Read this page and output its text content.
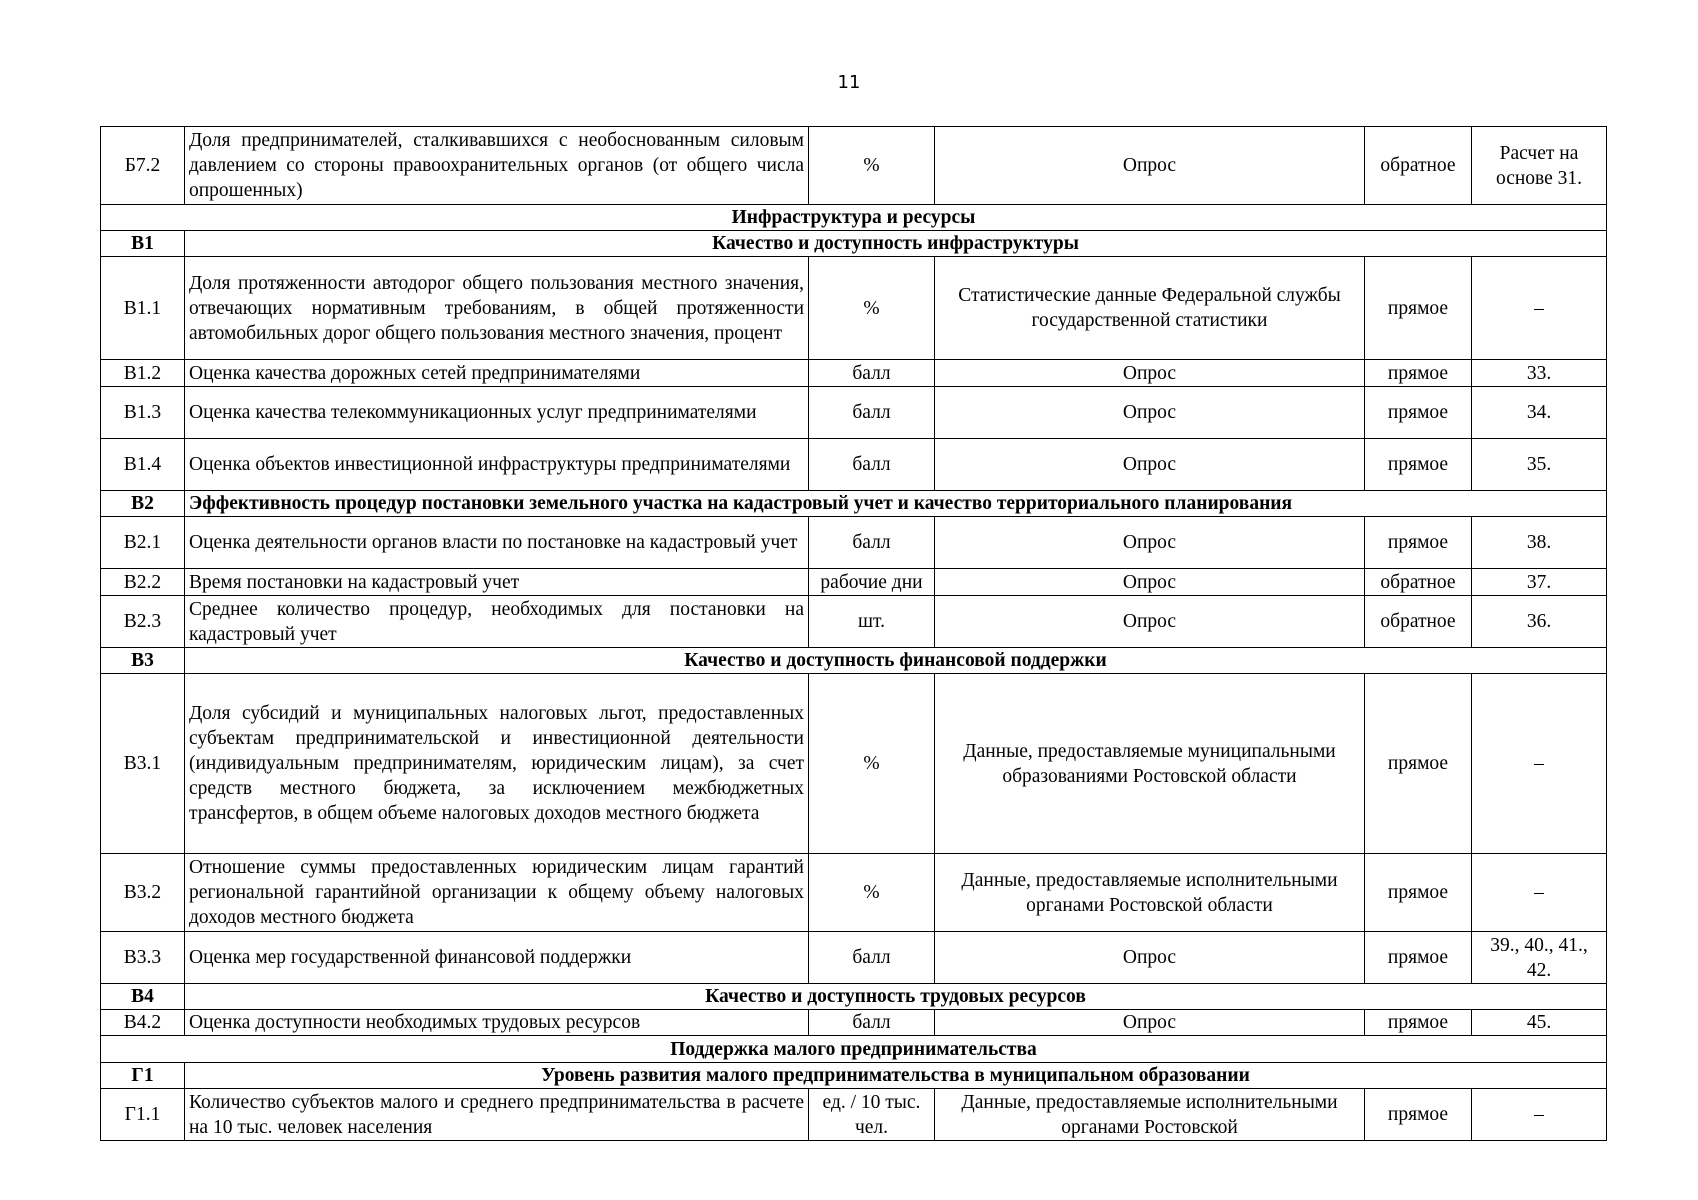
11
Б7.2	Доля предпринимателей, сталкивавшихся с необоснованным силовым давлением со стороны правоохранительных органов (от общего числа опрошенных)	%	Опрос	обратное	Расчет на основе 31.
Инфраструктура и ресурсы					
В1	Качество и доступность инфраструктуры				
В1.1	Доля протяженности автодорог общего пользования местного значения, отвечающих нормативным требованиям, в общей протяженности автомобильных дорог общего пользования местного значения, процент	%	Статистические данные Федеральной службы государственной статистики	прямое	–
В1.2	Оценка качества дорожных сетей предпринимателями	балл	Опрос	прямое	33.
В1.3	Оценка качества телекоммуникационных услуг предпринимателями	балл	Опрос	прямое	34.
В1.4	Оценка объектов инвестиционной инфраструктуры предпринимателями	балл	Опрос	прямое	35.
В2	Эффективность процедур постановки земельного участка на кадастровый учет и качество территориального планирования				
В2.1	Оценка деятельности органов власти по постановке на кадастровый учет	балл	Опрос	прямое	38.
В2.2	Время постановки на кадастровый учет	рабочие дни	Опрос	обратное	37.
В2.3	Среднее количество процедур, необходимых для постановки на кадастровый учет	шт.	Опрос	обратное	36.
В3	Качество и доступность финансовой поддержки				
В3.1	Доля субсидий и муниципальных налоговых льгот, предоставленных субъектам предпринимательской и инвестиционной деятельности (индивидуальным предпринимателям, юридическим лицам), за счет средств местного бюджета, за исключением межбюджетных трансфертов, в общем объеме налоговых доходов местного бюджета	%	Данные, предоставляемые муниципальными образованиями Ростовской области	прямое	–
В3.2	Отношение суммы предоставленных юридическим лицам гарантий региональной гарантийной организации к общему объему налоговых доходов местного бюджета	%	Данные, предоставляемые исполнительными органами Ростовской области	прямое	–
В3.3	Оценка мер государственной финансовой поддержки	балл	Опрос	прямое	39., 40., 41., 42.
В4	Качество и доступность трудовых ресурсов				
В4.2	Оценка доступности необходимых трудовых ресурсов	балл	Опрос	прямое	45.
Поддержка малого предпринимательства					
Г1	Уровень развития малого предпринимательства в муниципальном образовании				
Г1.1	Количество субъектов малого и среднего предпринимательства в расчете на 10 тыс. человек населения	ед. / 10 тыс. чел.	Данные, предоставляемые исполнительными органами Ростовской	прямое	–
